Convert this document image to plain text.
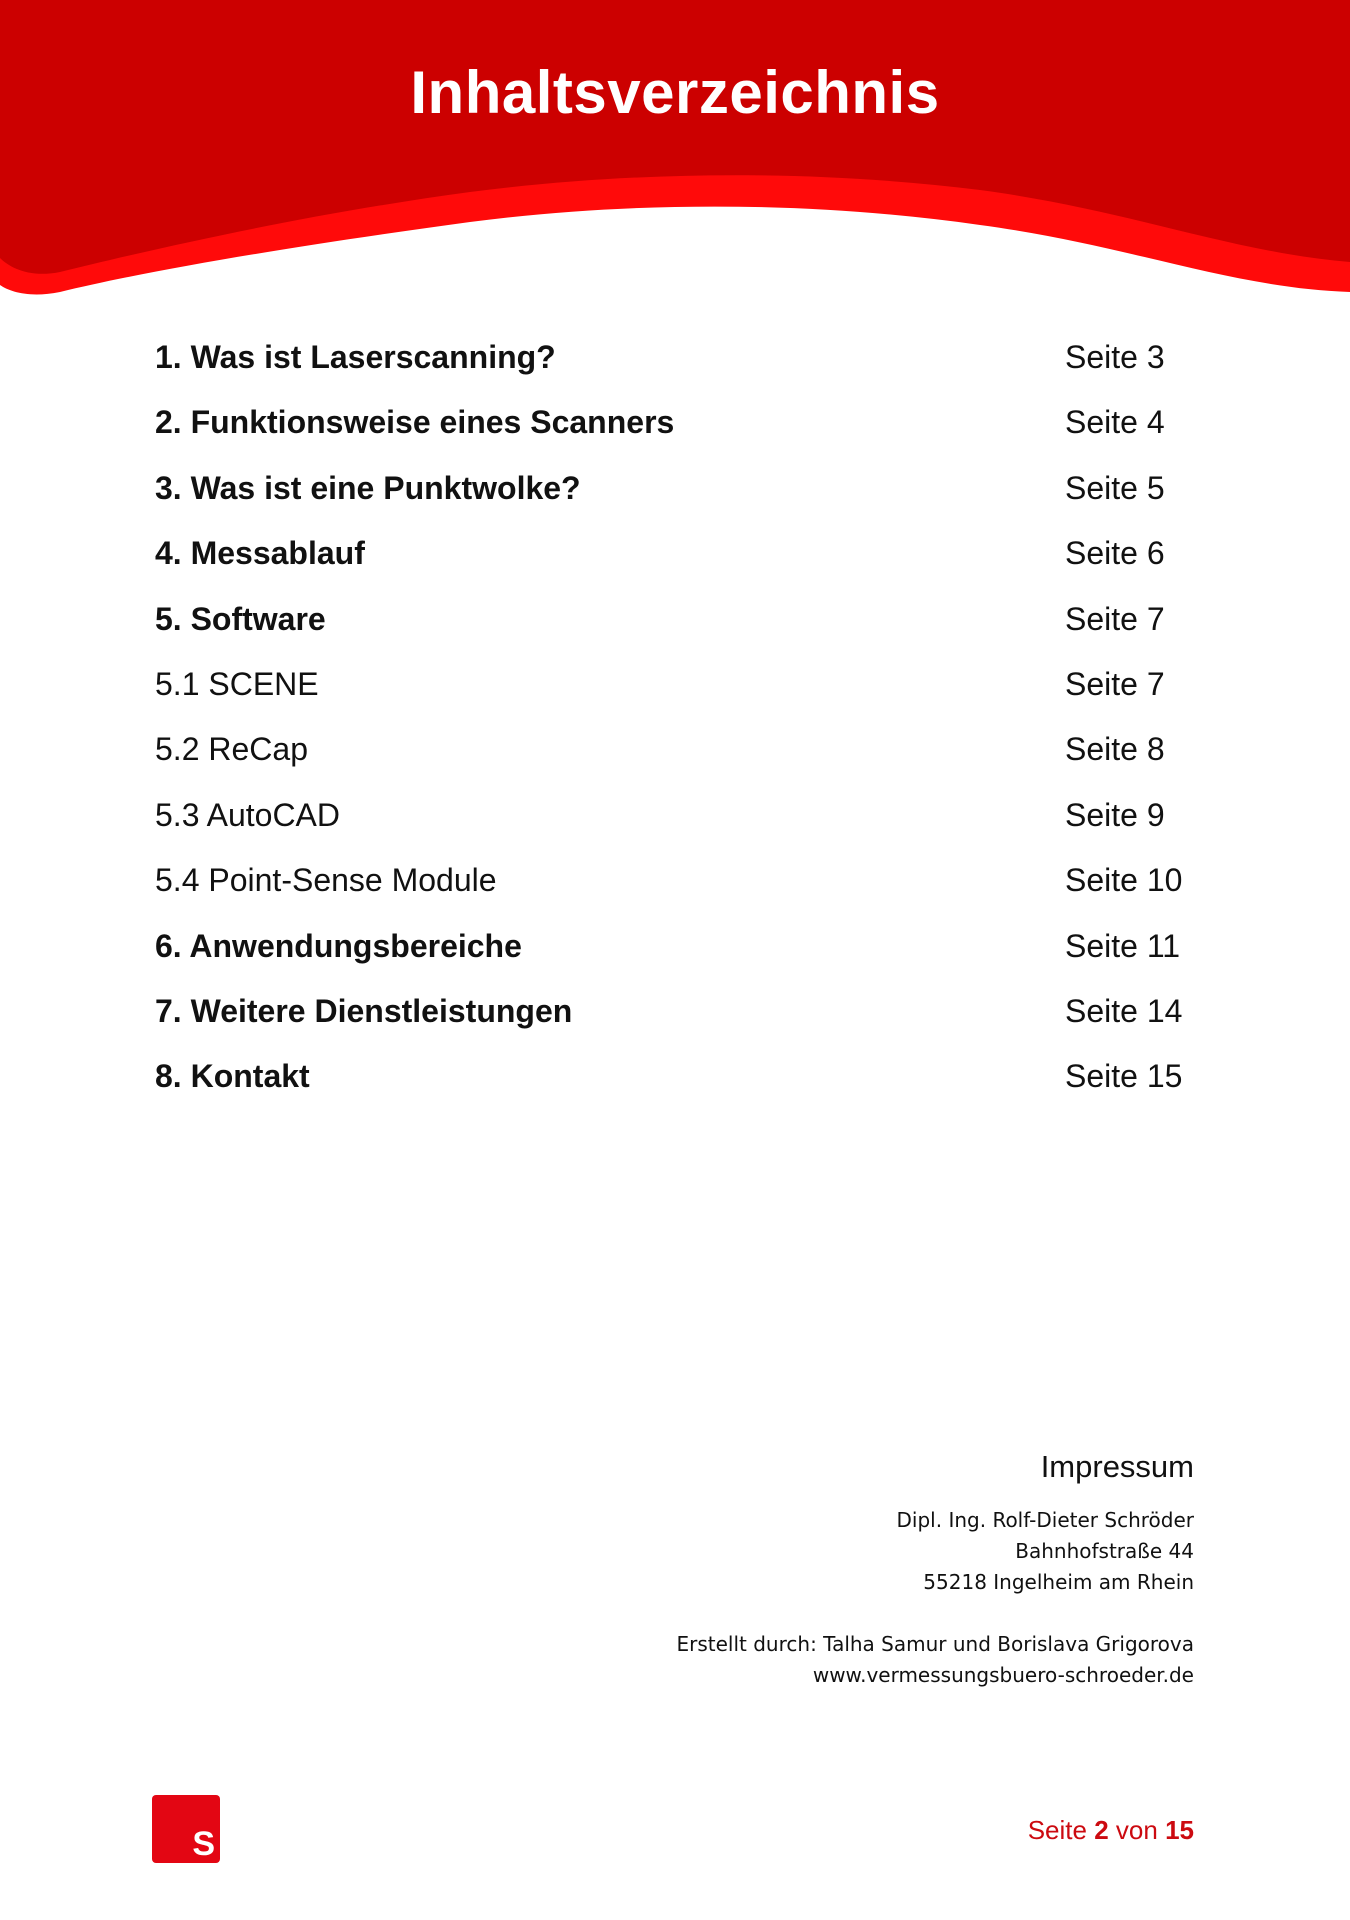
Inhaltsverzeichnis
1. Was ist Laserscanning?	Seite 3
2. Funktionsweise eines Scanners	Seite 4
3. Was ist eine Punktwolke?	Seite 5
4. Messablauf	Seite 6
5. Software	Seite 7
5.1 SCENE	Seite 7
5.2 ReCap	Seite 8
5.3 AutoCAD	Seite 9
5.4 Point-Sense Module	Seite 10
6. Anwendungsbereiche	Seite 11
7. Weitere Dienstleistungen	Seite 14
8. Kontakt	Seite 15
Impressum
Dipl. Ing. Rolf-Dieter Schröder
Bahnhofstraße 44
55218 Ingelheim am Rhein
Erstellt durch: Talha Samur und Borislava Grigorova
www.vermessungsbuero-schroeder.de
S	Seite 2 von 15
